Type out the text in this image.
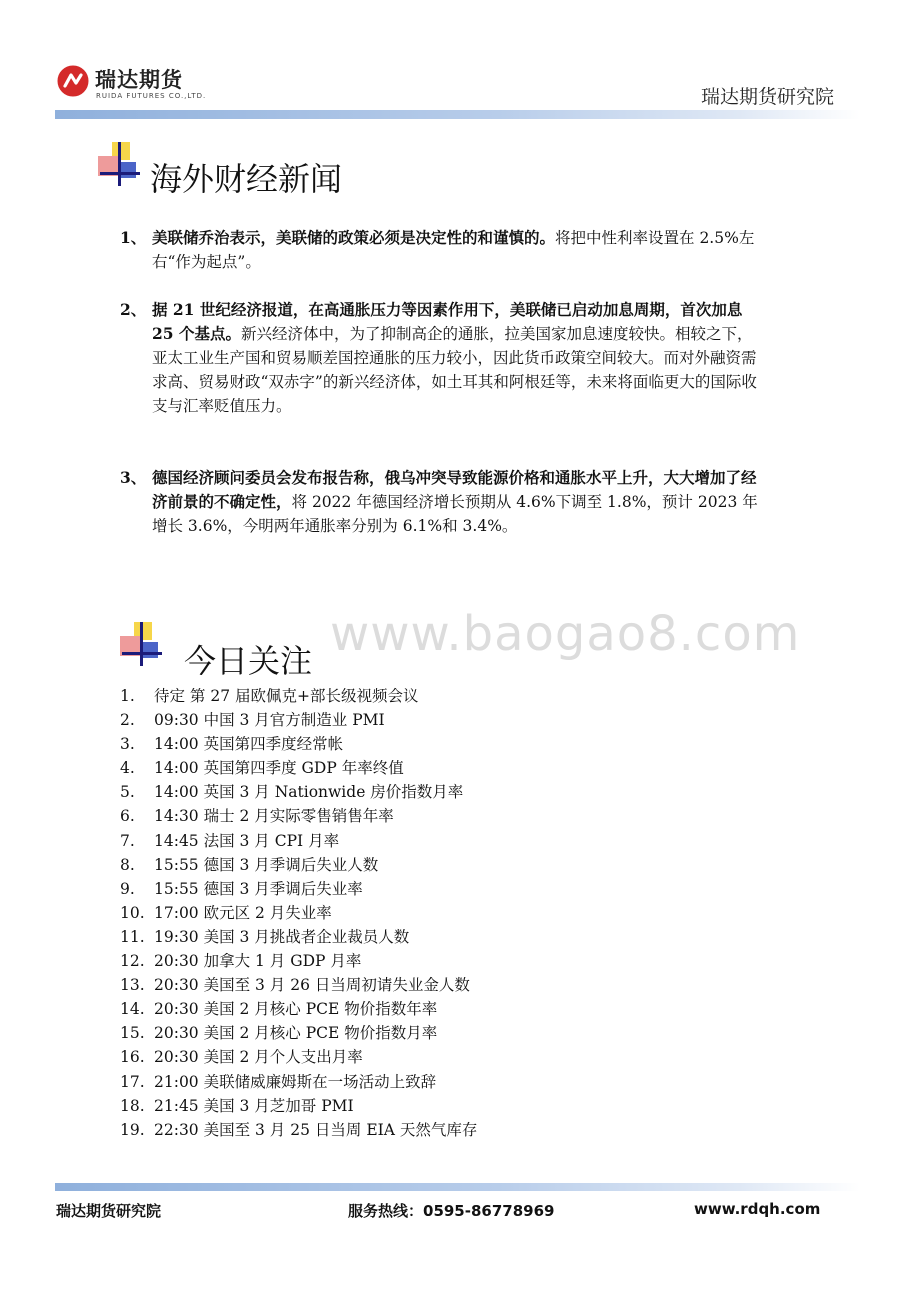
瑞达期货
RUIDA FUTURES CO.,LTD.	瑞达期货研究院
海外财经新闻
1、 美联储乔治表示，美联储的政策必须是决定性的和谨慎的。将把中性利率设置在 2.5%左右“作为起点”。
2、 据 21 世纪经济报道，在高通胀压力等因素作用下，美联储已启动加息周期，首次加息 25 个基点。新兴经济体中，为了抑制高企的通胀，拉美国家加息速度较快。相较之下，亚太工业生产国和贸易顺差国控通胀的压力较小，因此货币政策空间较大。而对外融资需求高、贸易财政“双赤字”的新兴经济体，如土耳其和阿根廷等，未来将面临更大的国际收支与汇率贬值压力。
3、 德国经济顾问委员会发布报告称，俄乌冲突导致能源价格和通胀水平上升，大大增加了经济前景的不确定性，将 2022 年德国经济增长预期从 4.6%下调至 1.8%，预计 2023 年增长 3.6%，今明两年通胀率分别为 6.1%和 3.4%。
www.baogao8.com
今日关注
1. 待定 第 27 届欧佩克+部长级视频会议
2. 09:30 中国 3 月官方制造业 PMI
3. 14:00 英国第四季度经常帐
4. 14:00 英国第四季度 GDP 年率终值
5. 14:00 英国 3 月 Nationwide 房价指数月率
6. 14:30 瑞士 2 月实际零售销售年率
7. 14:45 法国 3 月 CPI 月率
8. 15:55 德国 3 月季调后失业人数
9. 15:55 德国 3 月季调后失业率
10. 17:00 欧元区 2 月失业率
11. 19:30 美国 3 月挑战者企业裁员人数
12. 20:30 加拿大 1 月 GDP 月率
13. 20:30 美国至 3 月 26 日当周初请失业金人数
14. 20:30 美国 2 月核心 PCE 物价指数年率
15. 20:30 美国 2 月核心 PCE 物价指数月率
16. 20:30 美国 2 月个人支出月率
17. 21:00 美联储威廉姆斯在一场活动上致辞
18. 21:45 美国 3 月芝加哥 PMI
19. 22:30 美国至 3 月 25 日当周 EIA 天然气库存
瑞达期货研究院	服务热线：0595-86778969	www.rdqh.com
